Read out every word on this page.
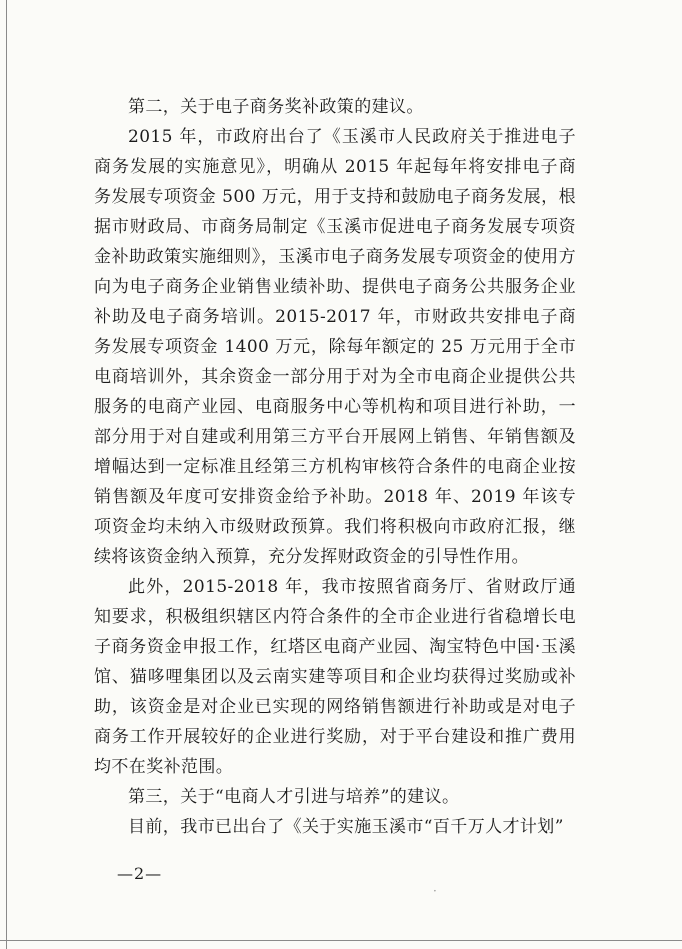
第二，关于电子商务奖补政策的建议。

2015 年，市政府出台了《玉溪市人民政府关于推进电子商务发展的实施意见》，明确从 2015 年起每年将安排电子商务发展专项资金 500 万元，用于支持和鼓励电子商务发展，根据市财政局、市商务局制定《玉溪市促进电子商务发展专项资金补助政策实施细则》，玉溪市电子商务发展专项资金的使用方向为电子商务企业销售业绩补助、提供电子商务公共服务企业补助及电子商务培训。2015-2017 年，市财政共安排电子商务发展专项资金 1400 万元，除每年额定的 25 万元用于全市电商培训外，其余资金一部分用于对为全市电商企业提供公共服务的电商产业园、电商服务中心等机构和项目进行补助，一部分用于对自建或利用第三方平台开展网上销售、年销售额及增幅达到一定标准且经第三方机构审核符合条件的电商企业按销售额及年度可安排资金给予补助。2018 年、2019 年该专项资金均未纳入市级财政预算。我们将积极向市政府汇报，继续将该资金纳入预算，充分发挥财政资金的引导性作用。

此外，2015-2018 年，我市按照省商务厅、省财政厅通知要求，积极组织辖区内符合条件的全市企业进行省稳增长电子商务资金申报工作，红塔区电商产业园、淘宝特色中国·玉溪馆、猫哆哩集团以及云南实建等项目和企业均获得过奖励或补助，该资金是对企业已实现的网络销售额进行补助或是对电子商务工作开展较好的企业进行奖励，对于平台建设和推广费用均不在奖补范围。

第三，关于“电商人才引进与培养”的建议。

目前，我市已出台了《关于实施玉溪市“百千万人才计划”

—2—
·
